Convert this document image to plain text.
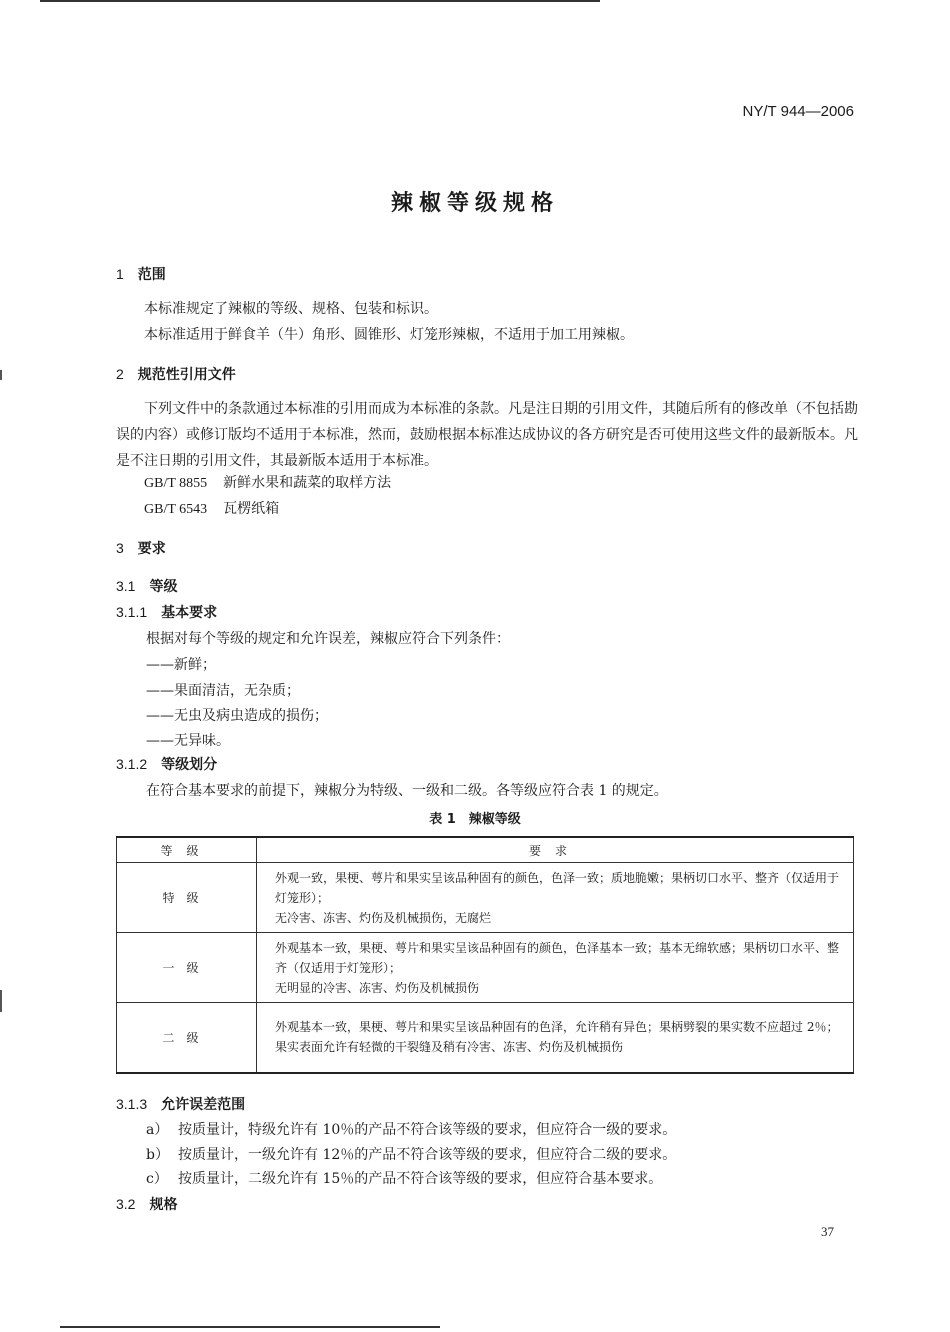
NY/T 944—2006
辣椒等级规格
1 范围
本标准规定了辣椒的等级、规格、包装和标识。
本标准适用于鲜食羊（牛）角形、圆锥形、灯笼形辣椒，不适用于加工用辣椒。
2 规范性引用文件

下列文件中的条款通过本标准的引用而成为本标准的条款。凡是注日期的引用文件，其随后所有的修改单（不包括勘误的内容）或修订版均不适用于本标准，然而，鼓励根据本标准达成协议的各方研究是否可使用这些文件的最新版本。凡是不注日期的引用文件，其最新版本适用于本标准。

GB/T 8855 新鲜水果和蔬菜的取样方法
GB/T 6543 瓦楞纸箱
3 要求
3.1 等级
3.1.1 基本要求
根据对每个等级的规定和允许误差，辣椒应符合下列条件：
——新鲜；
——果面清洁，无杂质；
——无虫及病虫造成的损伤；
——无异味。
3.1.2 等级划分
在符合基本要求的前提下，辣椒分为特级、一级和二级。各等级应符合表 1 的规定。
表 1　辣椒等级
等级	要求
特级	外观一致，果梗、萼片和果实呈该品种固有的颜色，色泽一致；质地脆嫩；果柄切口水平、整齐（仅适用于灯笼形）；
无冷害、冻害、灼伤及机械损伤，无腐烂

一级	外观基本一致，果梗、萼片和果实呈该品种固有的颜色，色泽基本一致；基本无绵软感；果柄切口水平、整齐（仅适用于灯笼形）；
无明显的冷害、冻害、灼伤及机械损伤

二级	外观基本一致，果梗、萼片和果实呈该品种固有的色泽，允许稍有异色；果柄劈裂的果实数不应超过 2％；
果实表面允许有轻微的干裂缝及稍有冷害、冻害、灼伤及机械损伤
3.1.3 允许误差范围
a） 按质量计，特级允许有 10％的产品不符合该等级的要求，但应符合一级的要求。
b） 按质量计，一级允许有 12％的产品不符合该等级的要求，但应符合二级的要求。
c） 按质量计，二级允许有 15％的产品不符合该等级的要求，但应符合基本要求。
3.2 规格
37
